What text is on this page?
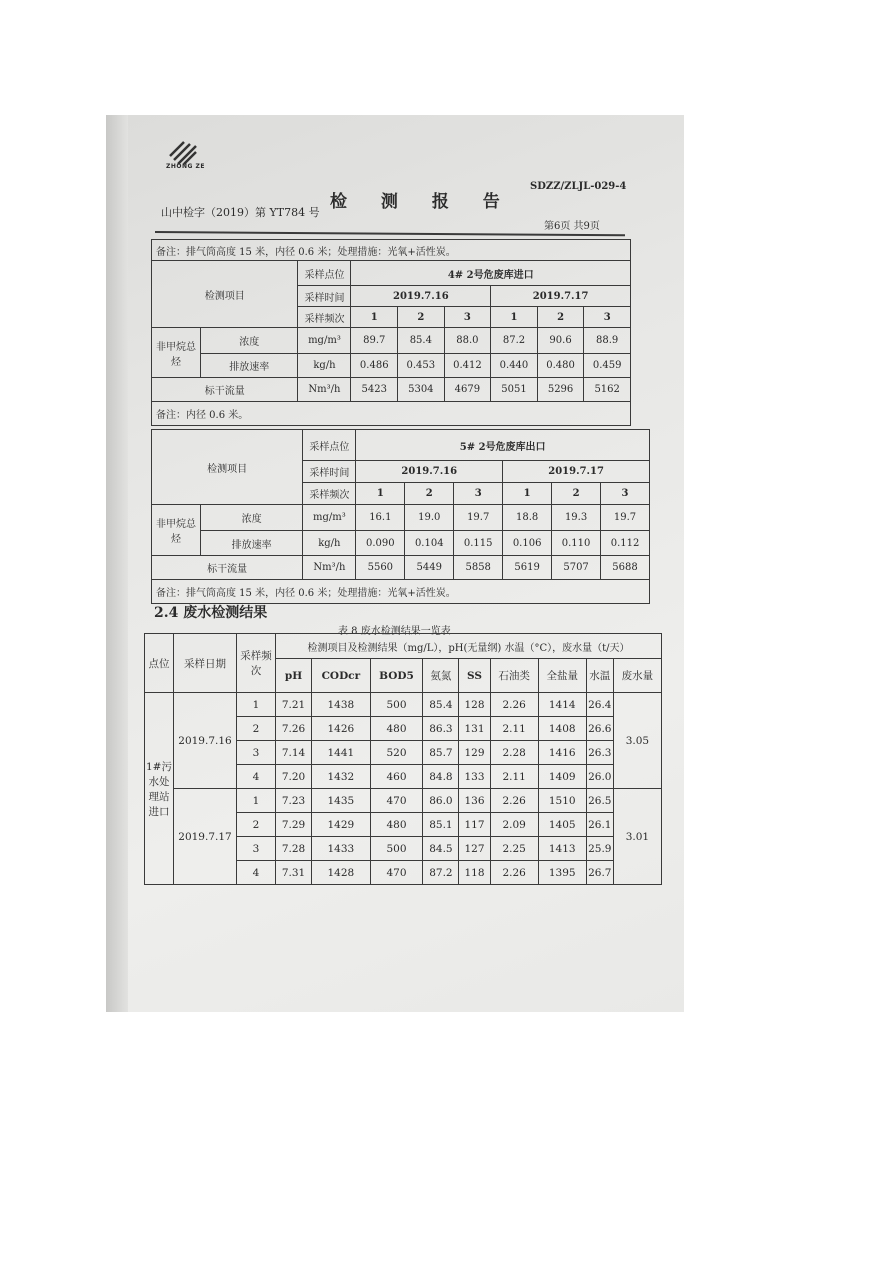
ZHONG ZE
检 测 报 告
SDZZ/ZLJL-029-4
山中检字（2019）第 YT784 号
第6页 共9页
备注：排气筒高度 15 米，内径 0.6 米；处理措施：光氧+活性炭。								
检测项目		采样点位	4# 2号危废库进口					
		采样时间	2019.7.16			2019.7.17		
		采样频次	1	2	3	1	2	3
非甲烷总烃	浓度	mg/m³	89.7	85.4	88.0	87.2	90.6	88.9
	排放速率	kg/h	0.486	0.453	0.412	0.440	0.480	0.459
标干流量		Nm³/h	5423	5304	4679	5051	5296	5162
备注：内径 0.6 米。								
检测项目		采样点位	5# 2号危废库出口					
		采样时间	2019.7.16			2019.7.17		
		采样频次	1	2	3	1	2	3
非甲烷总烃	浓度	mg/m³	16.1	19.0	19.7	18.8	19.3	19.7
	排放速率	kg/h	0.090	0.104	0.115	0.106	0.110	0.112
标干流量		Nm³/h	5560	5449	5858	5619	5707	5688
备注：排气筒高度 15 米，内径 0.6 米；处理措施：光氧+活性炭。								
2.4 废水检测结果
表 8 废水检测结果一览表
点位	采样日期	采样频次	检测项目及检测结果（mg/L），pH(无量纲) 水温（°C），废水量（t/天）								
			pH	CODcr	BOD5	氨氮	SS	石油类	全盐量	水温	废水量
1#污水处理站进口	2019.7.16	1	7.21	1438	500	85.4	128	2.26	1414	26.4	3.05
		2	7.26	1426	480	86.3	131	2.11	1408	26.6	
		3	7.14	1441	520	85.7	129	2.28	1416	26.3	
		4	7.20	1432	460	84.8	133	2.11	1409	26.0	
	2019.7.17	1	7.23	1435	470	86.0	136	2.26	1510	26.5	3.01
		2	7.29	1429	480	85.1	117	2.09	1405	26.1	
		3	7.28	1433	500	84.5	127	2.25	1413	25.9	
		4	7.31	1428	470	87.2	118	2.26	1395	26.7	
